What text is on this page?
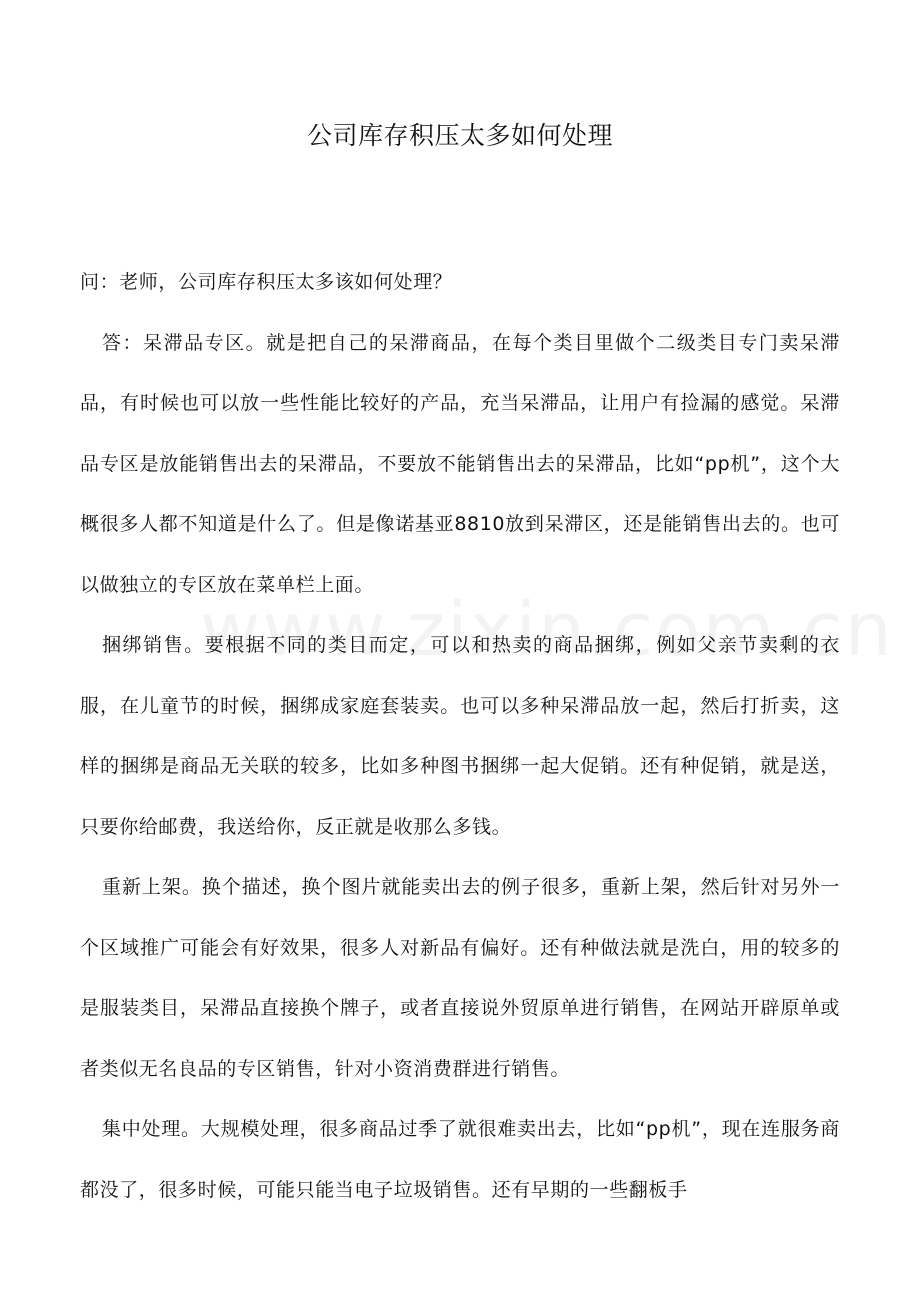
公司库存积压太多如何处理

问：老师，公司库存积压太多该如何处理？

答：呆滞品专区。就是把自己的呆滞商品，在每个类目里做个二级类目专门卖呆滞品，有时候也可以放一些性能比较好的产品，充当呆滞品，让用户有捡漏的感觉。呆滞品专区是放能销售出去的呆滞品，不要放不能销售出去的呆滞品，比如“pp机”，这个大概很多人都不知道是什么了。但是像诺基亚8810放到呆滞区，还是能销售出去的。也可以做独立的专区放在菜单栏上面。

捆绑销售。要根据不同的类目而定，可以和热卖的商品捆绑，例如父亲节卖剩的衣服，在儿童节的时候，捆绑成家庭套装卖。也可以多种呆滞品放一起，然后打折卖，这样的捆绑是商品无关联的较多，比如多种图书捆绑一起大促销。还有种促销，就是送，只要你给邮费，我送给你，反正就是收那么多钱。

重新上架。换个描述，换个图片就能卖出去的例子很多，重新上架，然后针对另外一个区域推广可能会有好效果，很多人对新品有偏好。还有种做法就是洗白，用的较多的是服装类目，呆滞品直接换个牌子，或者直接说外贸原单进行销售，在网站开辟原单或者类似无名良品的专区销售，针对小资消费群进行销售。

集中处理。大规模处理，很多商品过季了就很难卖出去，比如“pp机”，现在连服务商都没了，很多时候，可能只能当电子垃圾销售。还有早期的一些翻板手
